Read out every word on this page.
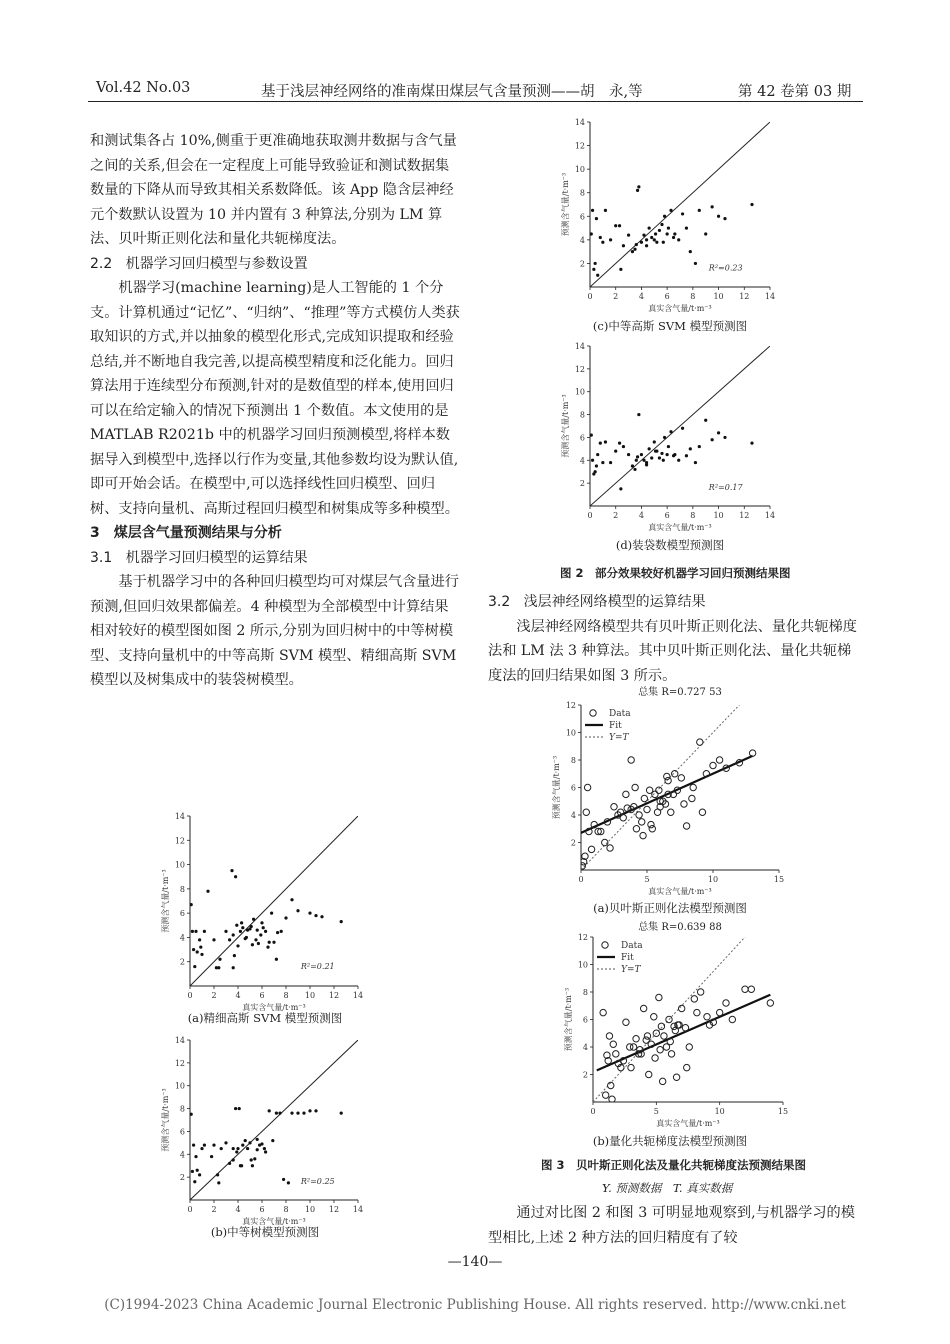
Vol.42 No.03	基于浅层神经网络的准南煤田煤层气含量预测——胡　永,等	第 42 卷第 03 期

和测试集各占 10%,侧重于更准确地获取测井数据与含气量之间的关系,但会在一定程度上可能导致验证和测试数据集数量的下降从而导致其相关系数降低。该 App 隐含层神经元个数默认设置为 10 并内置有 3 种算法,分别为 LM 算法、贝叶斯正则化法和量化共轭梯度法。

2.2 机器学习回归模型与参数设置

机器学习(machine learning)是人工智能的 1 个分支。计算机通过“记忆”、“归纳”、“推理”等方式模仿人类获取知识的方式,并以抽象的模型化形式,完成知识提取和经验总结,并不断地自我完善,以提高模型精度和泛化能力。回归算法用于连续型分布预测,针对的是数值型的样本,使用回归可以在给定输入的情况下预测出 1 个数值。本文使用的是 MATLAB R2021b 中的机器学习回归预测模型,将样本数据导入到模型中,选择以行作为变量,其他参数均设为默认值,即可开始会话。在模型中,可以选择线性回归模型、回归树、支持向量机、高斯过程回归模型和树集成等多种模型。

3　煤层含气量预测结果与分析

3.1 机器学习回归模型的运算结果

基于机器学习中的各种回归模型均可对煤层气含量进行预测,但回归效果都偏差。4 种模型为全部模型中计算结果相对较好的模型图如图 2 所示,分别为回归树中的中等树模型、支持向量机中的中等高斯 SVM 模型、精细高斯 SVM 模型以及树集成中的装袋树模型。

0 2 4 6 8 10 12 14
2
4
6
8
10
12
14
真实含气量/t·m⁻³
预测含气量/t·m⁻³
R²=0.21
(a)精细高斯 SVM 模型预测图
0 2 4 6 8 10 12 14
2
4
6
8
10
12
14
真实含气量/t·m⁻³
预测含气量/t·m⁻³
R²=0.25
(b)中等树模型预测图
0	2	4	6	8 10 12 14
2
4
6
8
10
12
14
真实含气量/t·m⁻³
预测含气量/t·m⁻³
R²=0.23
(c)中等高斯 SVM 模型预测图
0	2	4	6	8 10 12 14
2
4
6
8
10
12
14
真实含气量/t·m⁻³
预测含气量/t·m⁻³
R²=0.17
(d)装袋数模型预测图
图 2　部分效果较好机器学习回归预测结果图

3.2 浅层神经网络模型的运算结果

浅层神经网络模型共有贝叶斯正则化法、量化共轭梯度法和 LM 法 3 种算法。其中贝叶斯正则化法、量化共轭梯度法的回归结果如图 3 所示。

总集 R=0.727 53
0	5	10	15
2
4
6
8
10
12
真实含气量/t·m⁻³
预测含气量/t·m⁻³
Data
Fit
Y=T
(a)贝叶斯正则化法模型预测图
总集 R=0.639 88
0	5	10	15
2
4
6
8
10
12
真实含气量/t·m⁻³
预测含气量/t·m⁻³
Data
Fit
Y=T
(b)量化共轭梯度法模型预测图
图 3　贝叶斯正则化法及量化共轭梯度法预测结果图
Y. 预测数据　T. 真实数据

通过对比图 2 和图 3 可明显地观察到,与机器学习的模型相比,上述 2 种方法的回归精度有了较

—140—
(C)1994-2023 China Academic Journal Electronic Publishing House. All rights reserved. http://www.cnki.net
